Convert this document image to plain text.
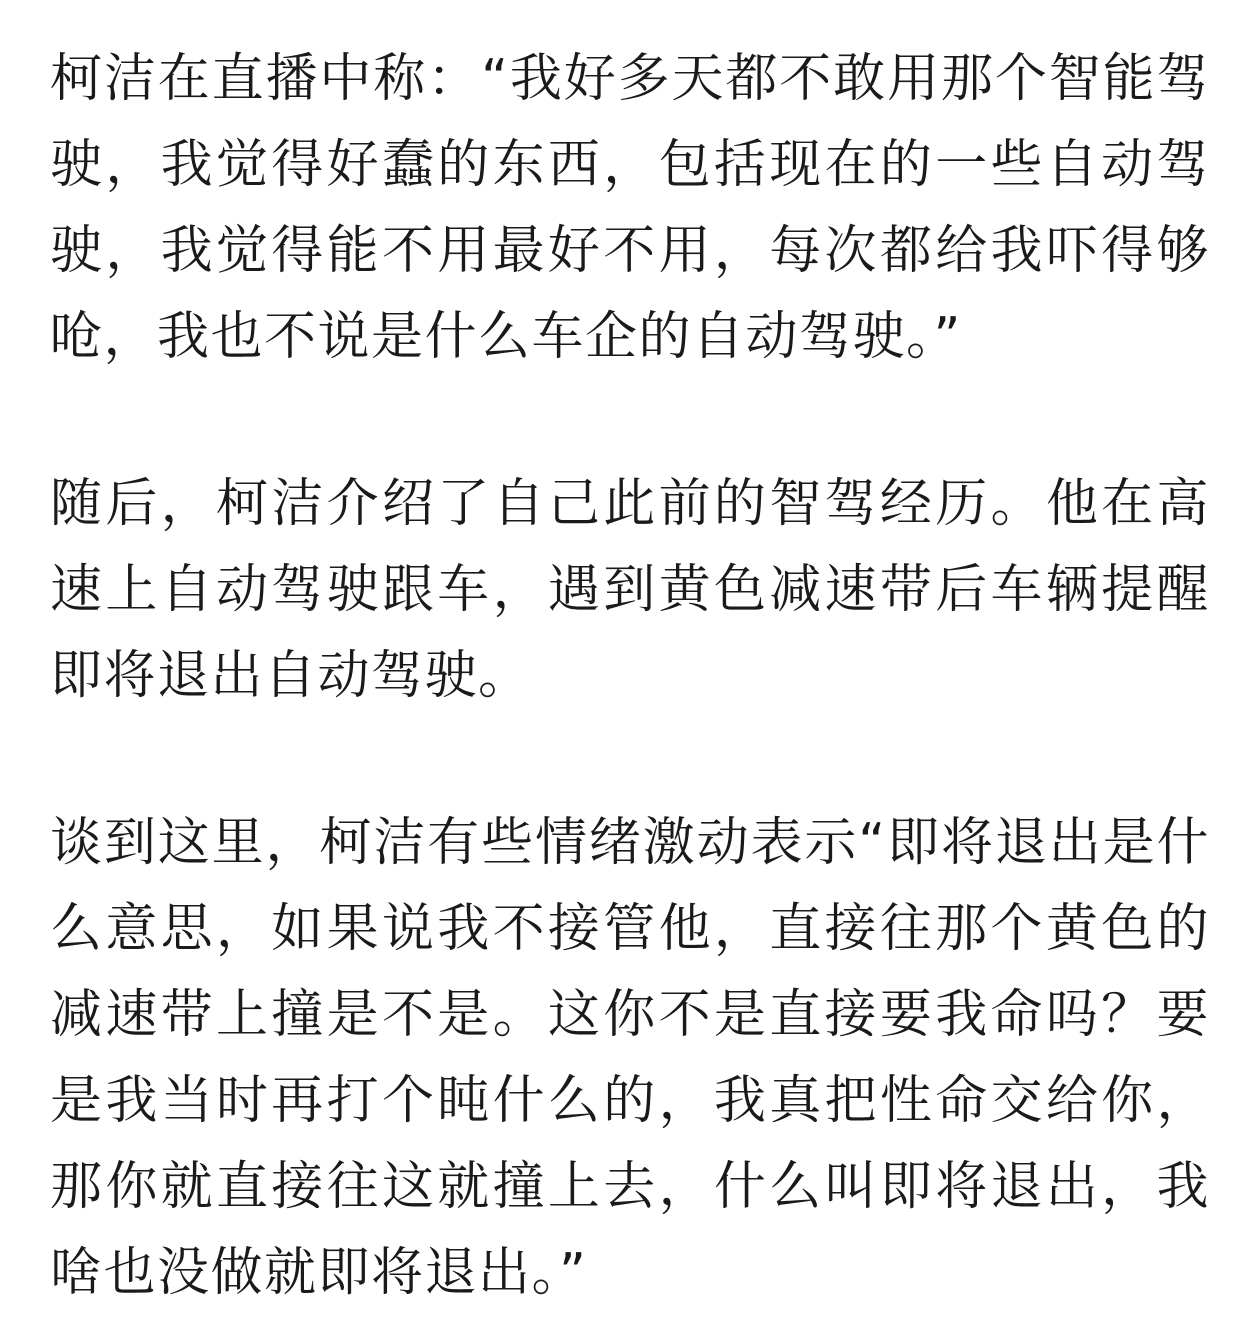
柯洁在直播中称：“我好多天都不敢用那个智能驾驶，我觉得好蠢的东西，包括现在的一些自动驾驶，我觉得能不用最好不用，每次都给我吓得够呛，我也不说是什么车企的自动驾驶。”

随后，柯洁介绍了自己此前的智驾经历。他在高速上自动驾驶跟车，遇到黄色减速带后车辆提醒即将退出自动驾驶。

谈到这里，柯洁有些情绪激动表示“即将退出是什么意思，如果说我不接管他，直接往那个黄色的减速带上撞是不是。这你不是直接要我命吗？要是我当时再打个盹什么的，我真把性命交给你，那你就直接往这就撞上去，什么叫即将退出，我啥也没做就即将退出。”
